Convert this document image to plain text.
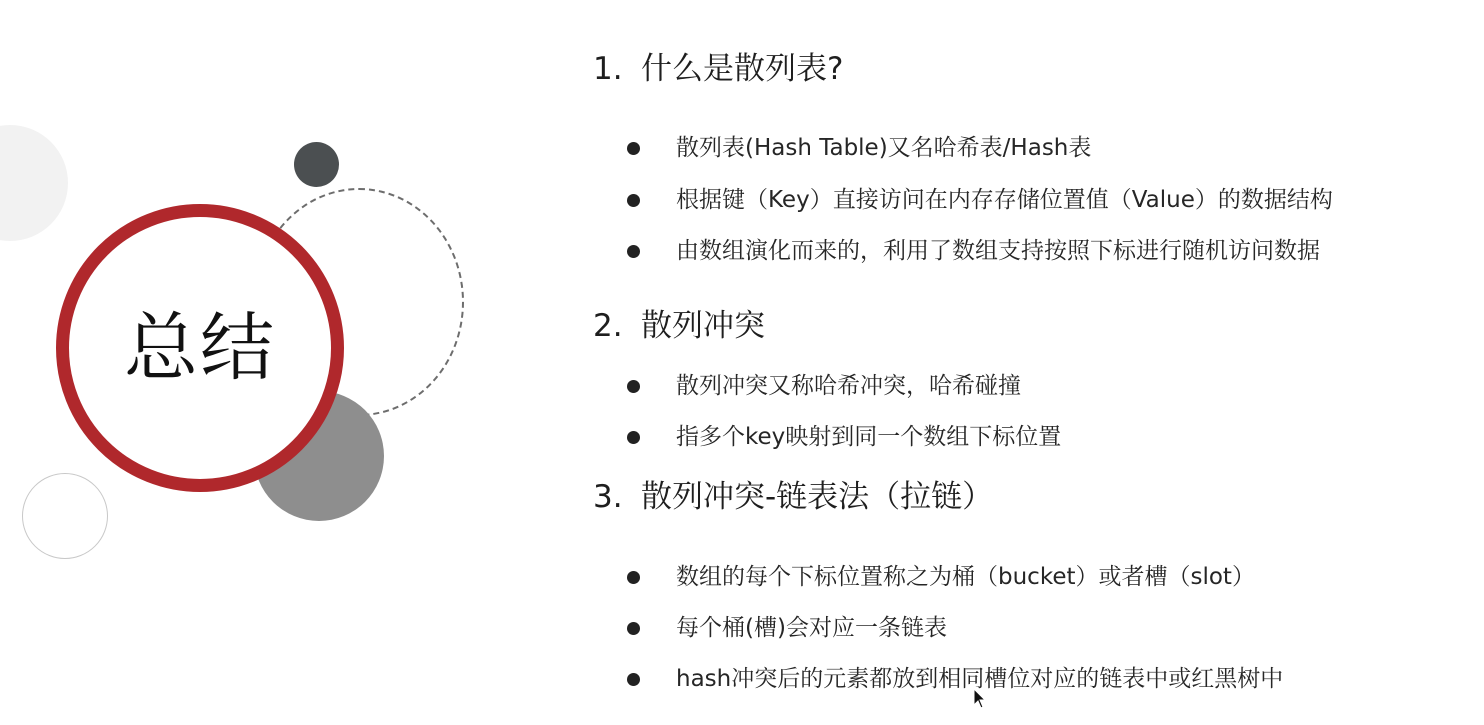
总结
1. 什么是散列表?
散列表(Hash Table)又名哈希表/Hash表
根据键（Key）直接访问在内存存储位置值（Value）的数据结构
由数组演化而来的，利用了数组支持按照下标进行随机访问数据
2. 散列冲突
散列冲突又称哈希冲突，哈希碰撞
指多个key映射到同一个数组下标位置
3. 散列冲突-链表法（拉链）
数组的每个下标位置称之为桶（bucket）或者槽（slot）
每个桶(槽)会对应一条链表
hash冲突后的元素都放到相同槽位对应的链表中或红黑树中
